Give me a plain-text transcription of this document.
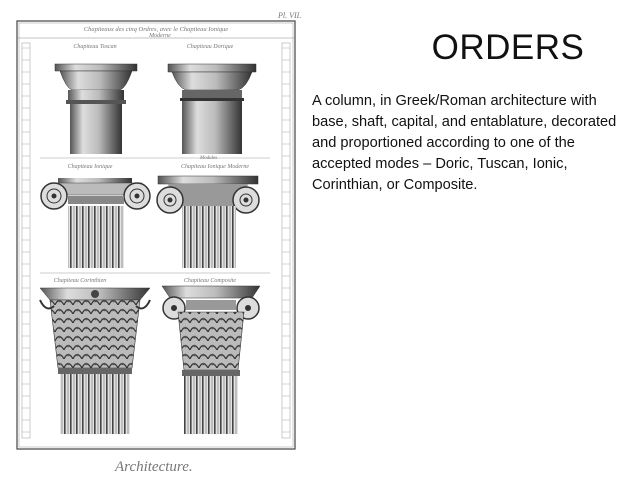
Pl. VII.
Chapiteaux des cinq Ordres, avec le Chapiteau Ionique
Moderne
Chapiteau Toscan	Chapiteau Dorique
Chapiteau Ionique	Chapiteau Ionique Moderne
Modules
Chapiteau Corinthien	Chapiteau Composite
Architecture.
ORDERS
A column, in Greek/Roman architecture with
base, shaft, capital, and entablature, decorated
and proportioned according to one of the
accepted modes – Doric, Tuscan, Ionic,
Corinthian, or Composite.
